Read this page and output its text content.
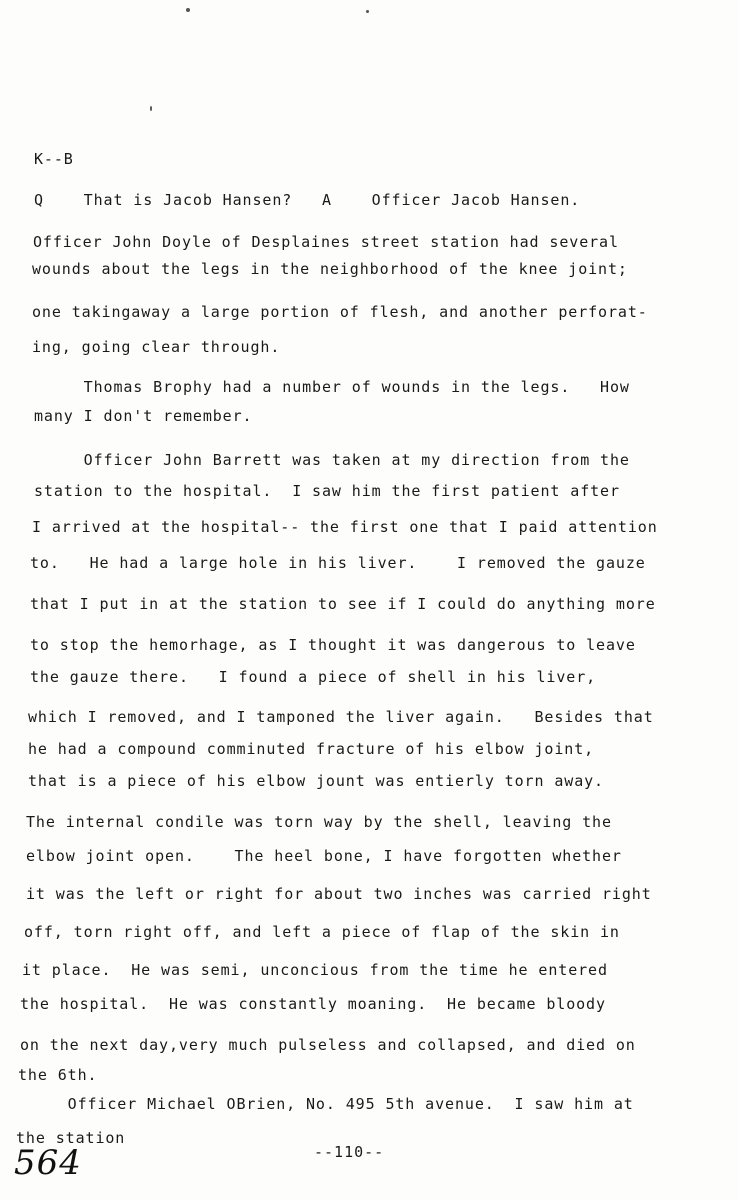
K--B
Q    That is Jacob Hansen?   A    Officer Jacob Hansen.
Officer John Doyle of Desplaines street station had several
wounds about the legs in the neighborhood of the knee joint;
one takingaway a large portion of flesh, and another perforat-
ing, going clear through.
Thomas Brophy had a number of wounds in the legs.   How
many I don't remember.
Officer John Barrett was taken at my direction from the
station to the hospital.  I saw him the first patient after
I arrived at the hospital-- the first one that I paid attention
to.   He had a large hole in his liver.    I removed the gauze
that I put in at the station to see if I could do anything more
to stop the hemorhage, as I thought it was dangerous to leave
the gauze there.   I found a piece of shell in his liver,
which I removed, and I tamponed the liver again.   Besides that
he had a compound comminuted fracture of his elbow joint,
that is a piece of his elbow jount was entierly torn away.
The internal condile was torn way by the shell, leaving the
elbow joint open.    The heel bone, I have forgotten whether
it was the left or right for about two inches was carried right
off, torn right off, and left a piece of flap of the skin in
it place.  He was semi, unconcious from the time he entered
the hospital.  He was constantly moaning.  He became bloody
on the next day,very much pulseless and collapsed, and died on
the 6th.
Officer Michael OBrien, No. 495 5th avenue.  I saw him at
the station
564	--110--
